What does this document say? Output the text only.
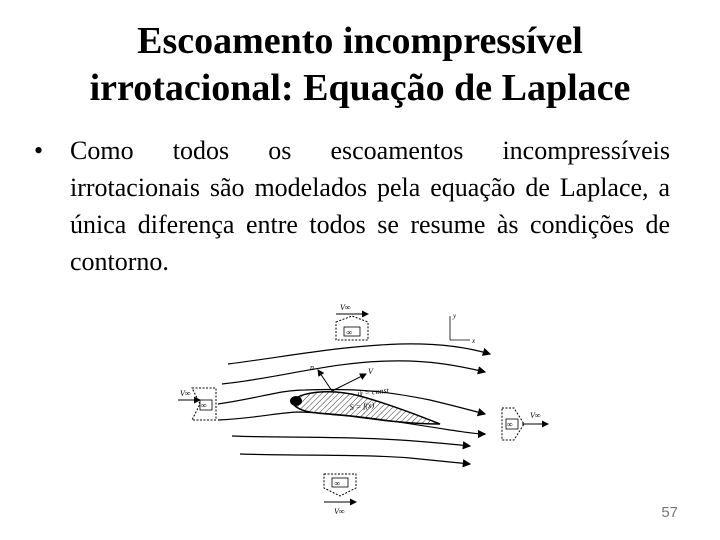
Escoamento incompressível
irrotacional: Equação de Laplace
• Como todos os escoamentos incompressíveis irrotacionais são modelados pela equação de Laplace, a única diferença entre todos se resume às condições de contorno.
V∞
∞
y
x
n	V
ψ = const
S = f(x)
V∞
∞
∞
V∞
∞
V∞	57
